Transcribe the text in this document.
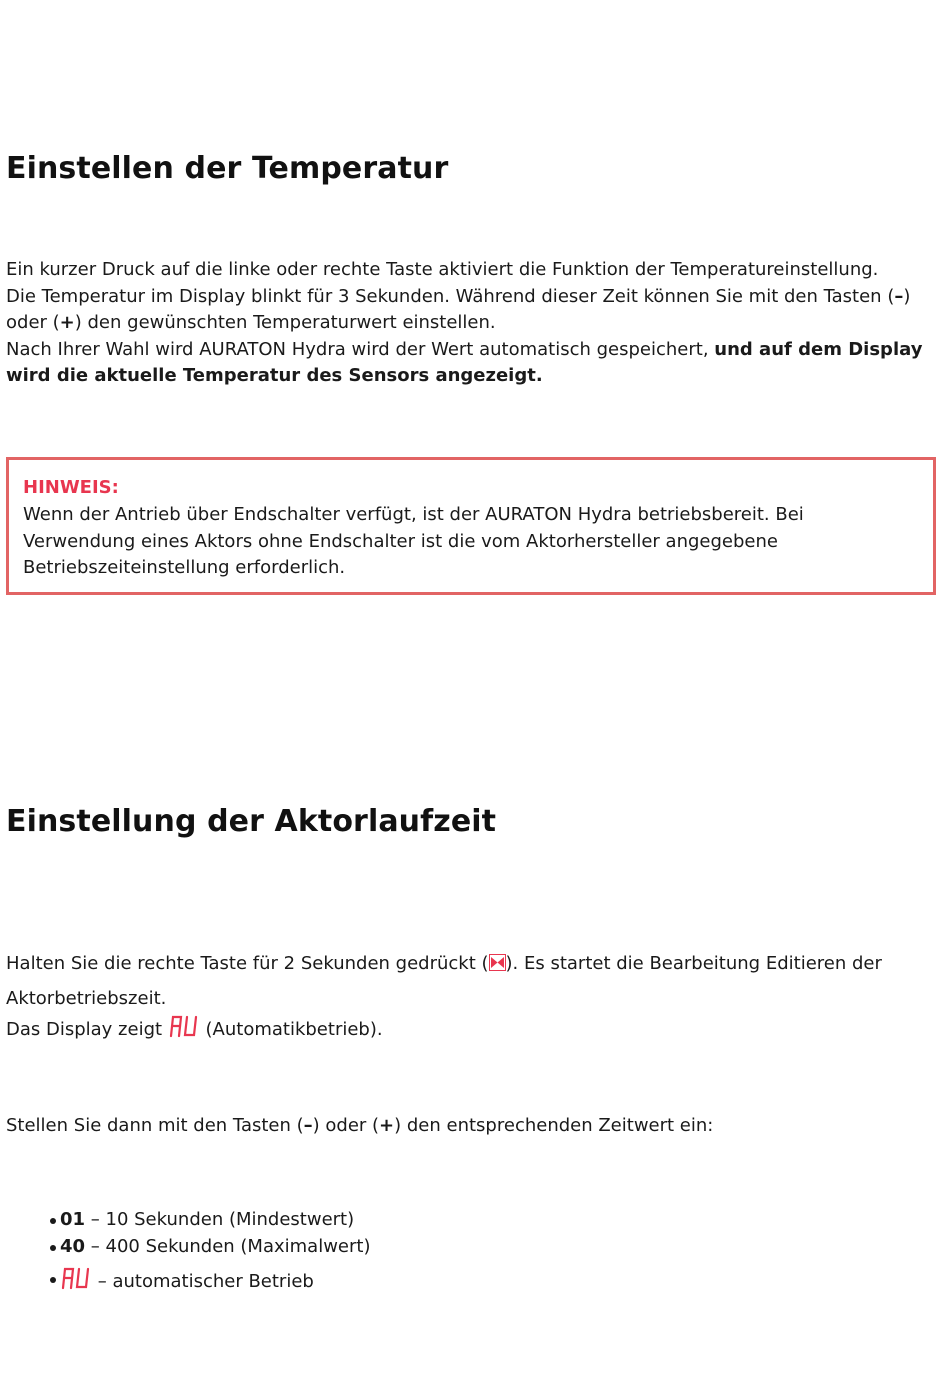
Einstellen der Temperatur
Ein kurzer Druck auf die linke oder rechte Taste aktiviert die Funktion der Temperatureinstellung.
Die Temperatur im Display blinkt für 3 Sekunden. Während dieser Zeit können Sie mit den Tasten (–) oder (+) den gewünschten Temperaturwert einstellen.
Nach Ihrer Wahl wird AURATON Hydra wird der Wert automatisch gespeichert, und auf dem Display wird die aktuelle Temperatur des Sensors angezeigt.
HINWEIS:
Wenn der Antrieb über Endschalter verfügt, ist der AURATON Hydra betriebsbereit. Bei Verwendung eines Aktors ohne Endschalter ist die vom Aktorhersteller angegebene Betriebszeiteinstellung erforderlich.
Einstellung der Aktorlaufzeit
Halten Sie die rechte Taste für 2 Sekunden gedrückt ( ). Es startet die Bearbeitung Editieren der
Aktorbetriebszeit.
Das Display zeigt  (Automatikbetrieb).
Stellen Sie dann mit den Tasten (–) oder (+) den entsprechenden Zeitwert ein:
01 – 10 Sekunden (Mindestwert)
40 – 400 Sekunden (Maximalwert)
– automatischer Betrieb
